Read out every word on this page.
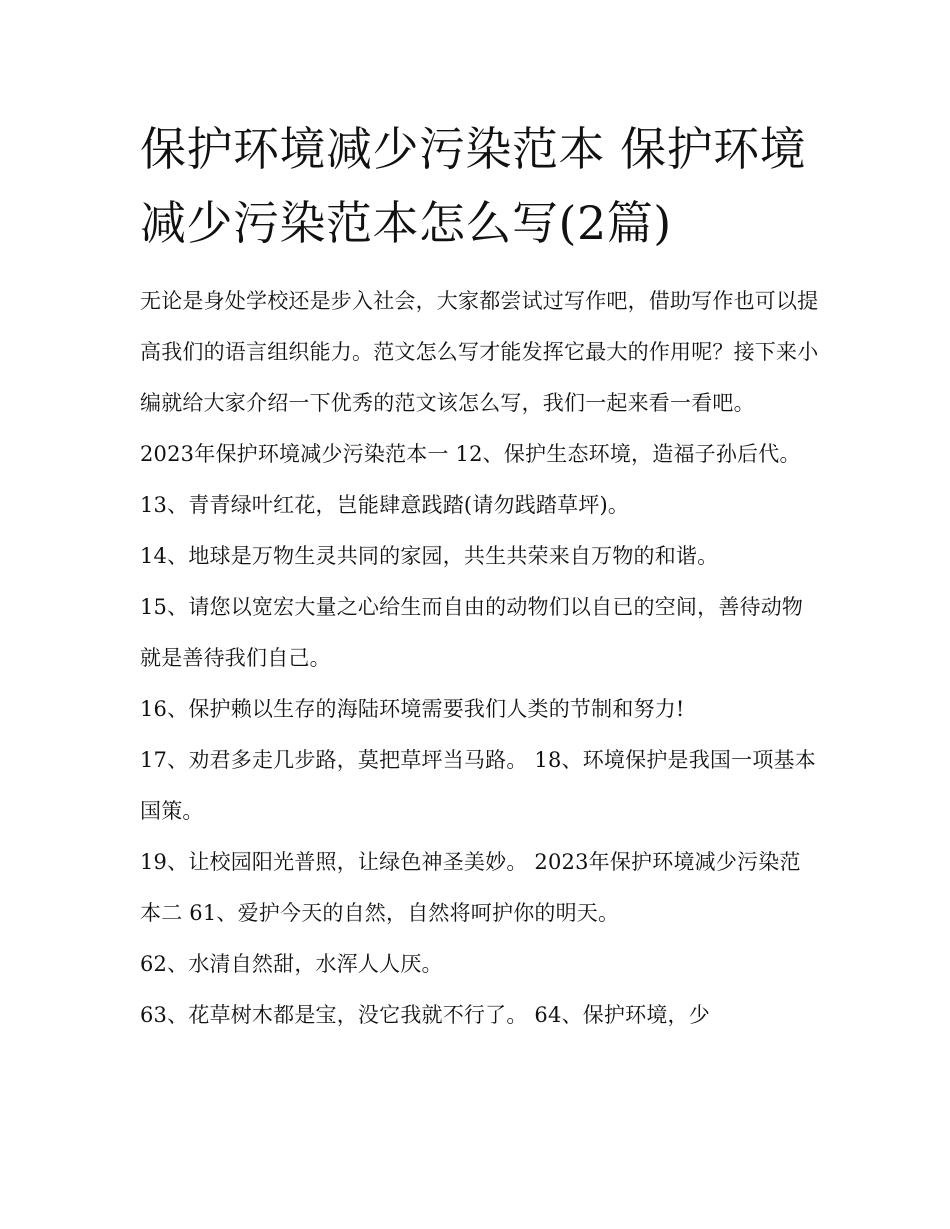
保护环境减少污染范本 保护环境减少污染范本怎么写(2篇)

无论是身处学校还是步入社会，大家都尝试过写作吧，借助写作也可以提高我们的语言组织能力。范文怎么写才能发挥它最大的作用呢？接下来小编就给大家介绍一下优秀的范文该怎么写，我们一起来看一看吧。

2023年保护环境减少污染范本一 12、保护生态环境，造福子孙后代。 13、青青绿叶红花，岂能肆意践踏(请勿践踏草坪)。

14、地球是万物生灵共同的家园，共生共荣来自万物的和谐。

15、请您以宽宏大量之心给生而自由的动物们以自已的空间，善待动物就是善待我们自己。

16、保护赖以生存的海陆环境需要我们人类的节制和努力!

17、劝君多走几步路，莫把草坪当马路。 18、环境保护是我国一项基本国策。

19、让校园阳光普照，让绿色神圣美妙。 2023年保护环境减少污染范本二 61、爱护今天的自然，自然将呵护你的明天。

62、水清自然甜，水浑人人厌。

63、花草树木都是宝，没它我就不行了。 64、保护环境，少
